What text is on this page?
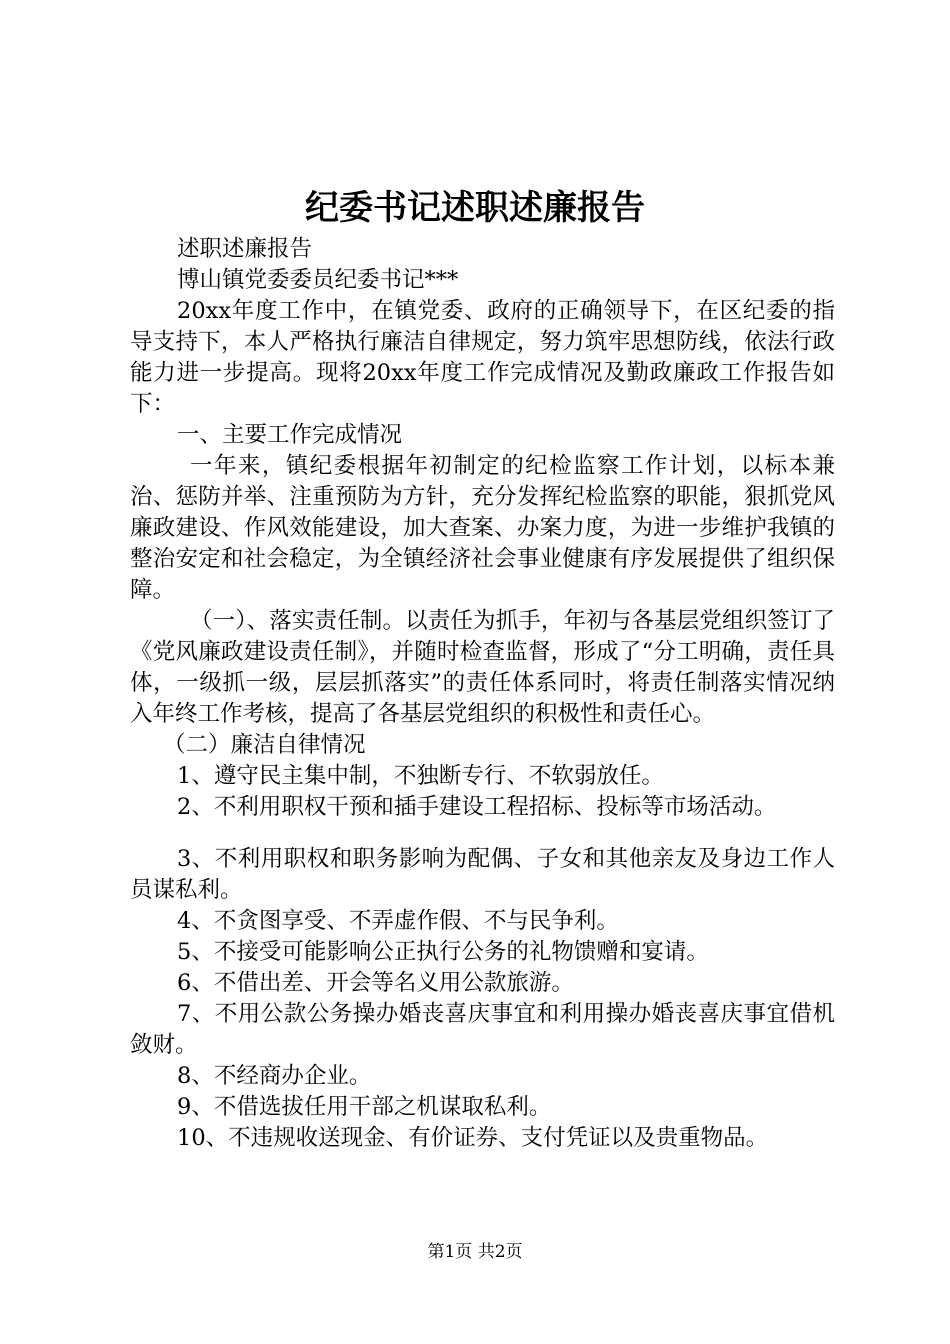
纪委书记述职述廉报告

述职述廉报告

博山镇党委委员纪委书记***

20xx年度工作中，在镇党委、政府的正确领导下，在区纪委的指导支持下，本人严格执行廉洁自律规定，努力筑牢思想防线，依法行政能力进一步提高。现将20xx年度工作完成情况及勤政廉政工作报告如下：

一、主要工作完成情况

一年来，镇纪委根据年初制定的纪检监察工作计划，以标本兼治、惩防并举、注重预防为方针，充分发挥纪检监察的职能，狠抓党风廉政建设、作风效能建设，加大查案、办案力度，为进一步维护我镇的整治安定和社会稳定，为全镇经济社会事业健康有序发展提供了组织保障。

（一）、落实责任制。以责任为抓手，年初与各基层党组织签订了《党风廉政建设责任制》，并随时检查监督，形成了“分工明确，责任具体，一级抓一级，层层抓落实”的责任体系同时，将责任制落实情况纳入年终工作考核，提高了各基层党组织的积极性和责任心。

（二）廉洁自律情况

1、遵守民主集中制，不独断专行、不软弱放任。

2、不利用职权干预和插手建设工程招标、投标等市场活动。

3、不利用职权和职务影响为配偶、子女和其他亲友及身边工作人员谋私利。

4、不贪图享受、不弄虚作假、不与民争利。

5、不接受可能影响公正执行公务的礼物馈赠和宴请。

6、不借出差、开会等名义用公款旅游。

7、不用公款公务操办婚丧喜庆事宜和利用操办婚丧喜庆事宜借机敛财。

8、不经商办企业。

9、不借选拔任用干部之机谋取私利。

10、不违规收送现金、有价证券、支付凭证以及贵重物品。

第1页 共2页
